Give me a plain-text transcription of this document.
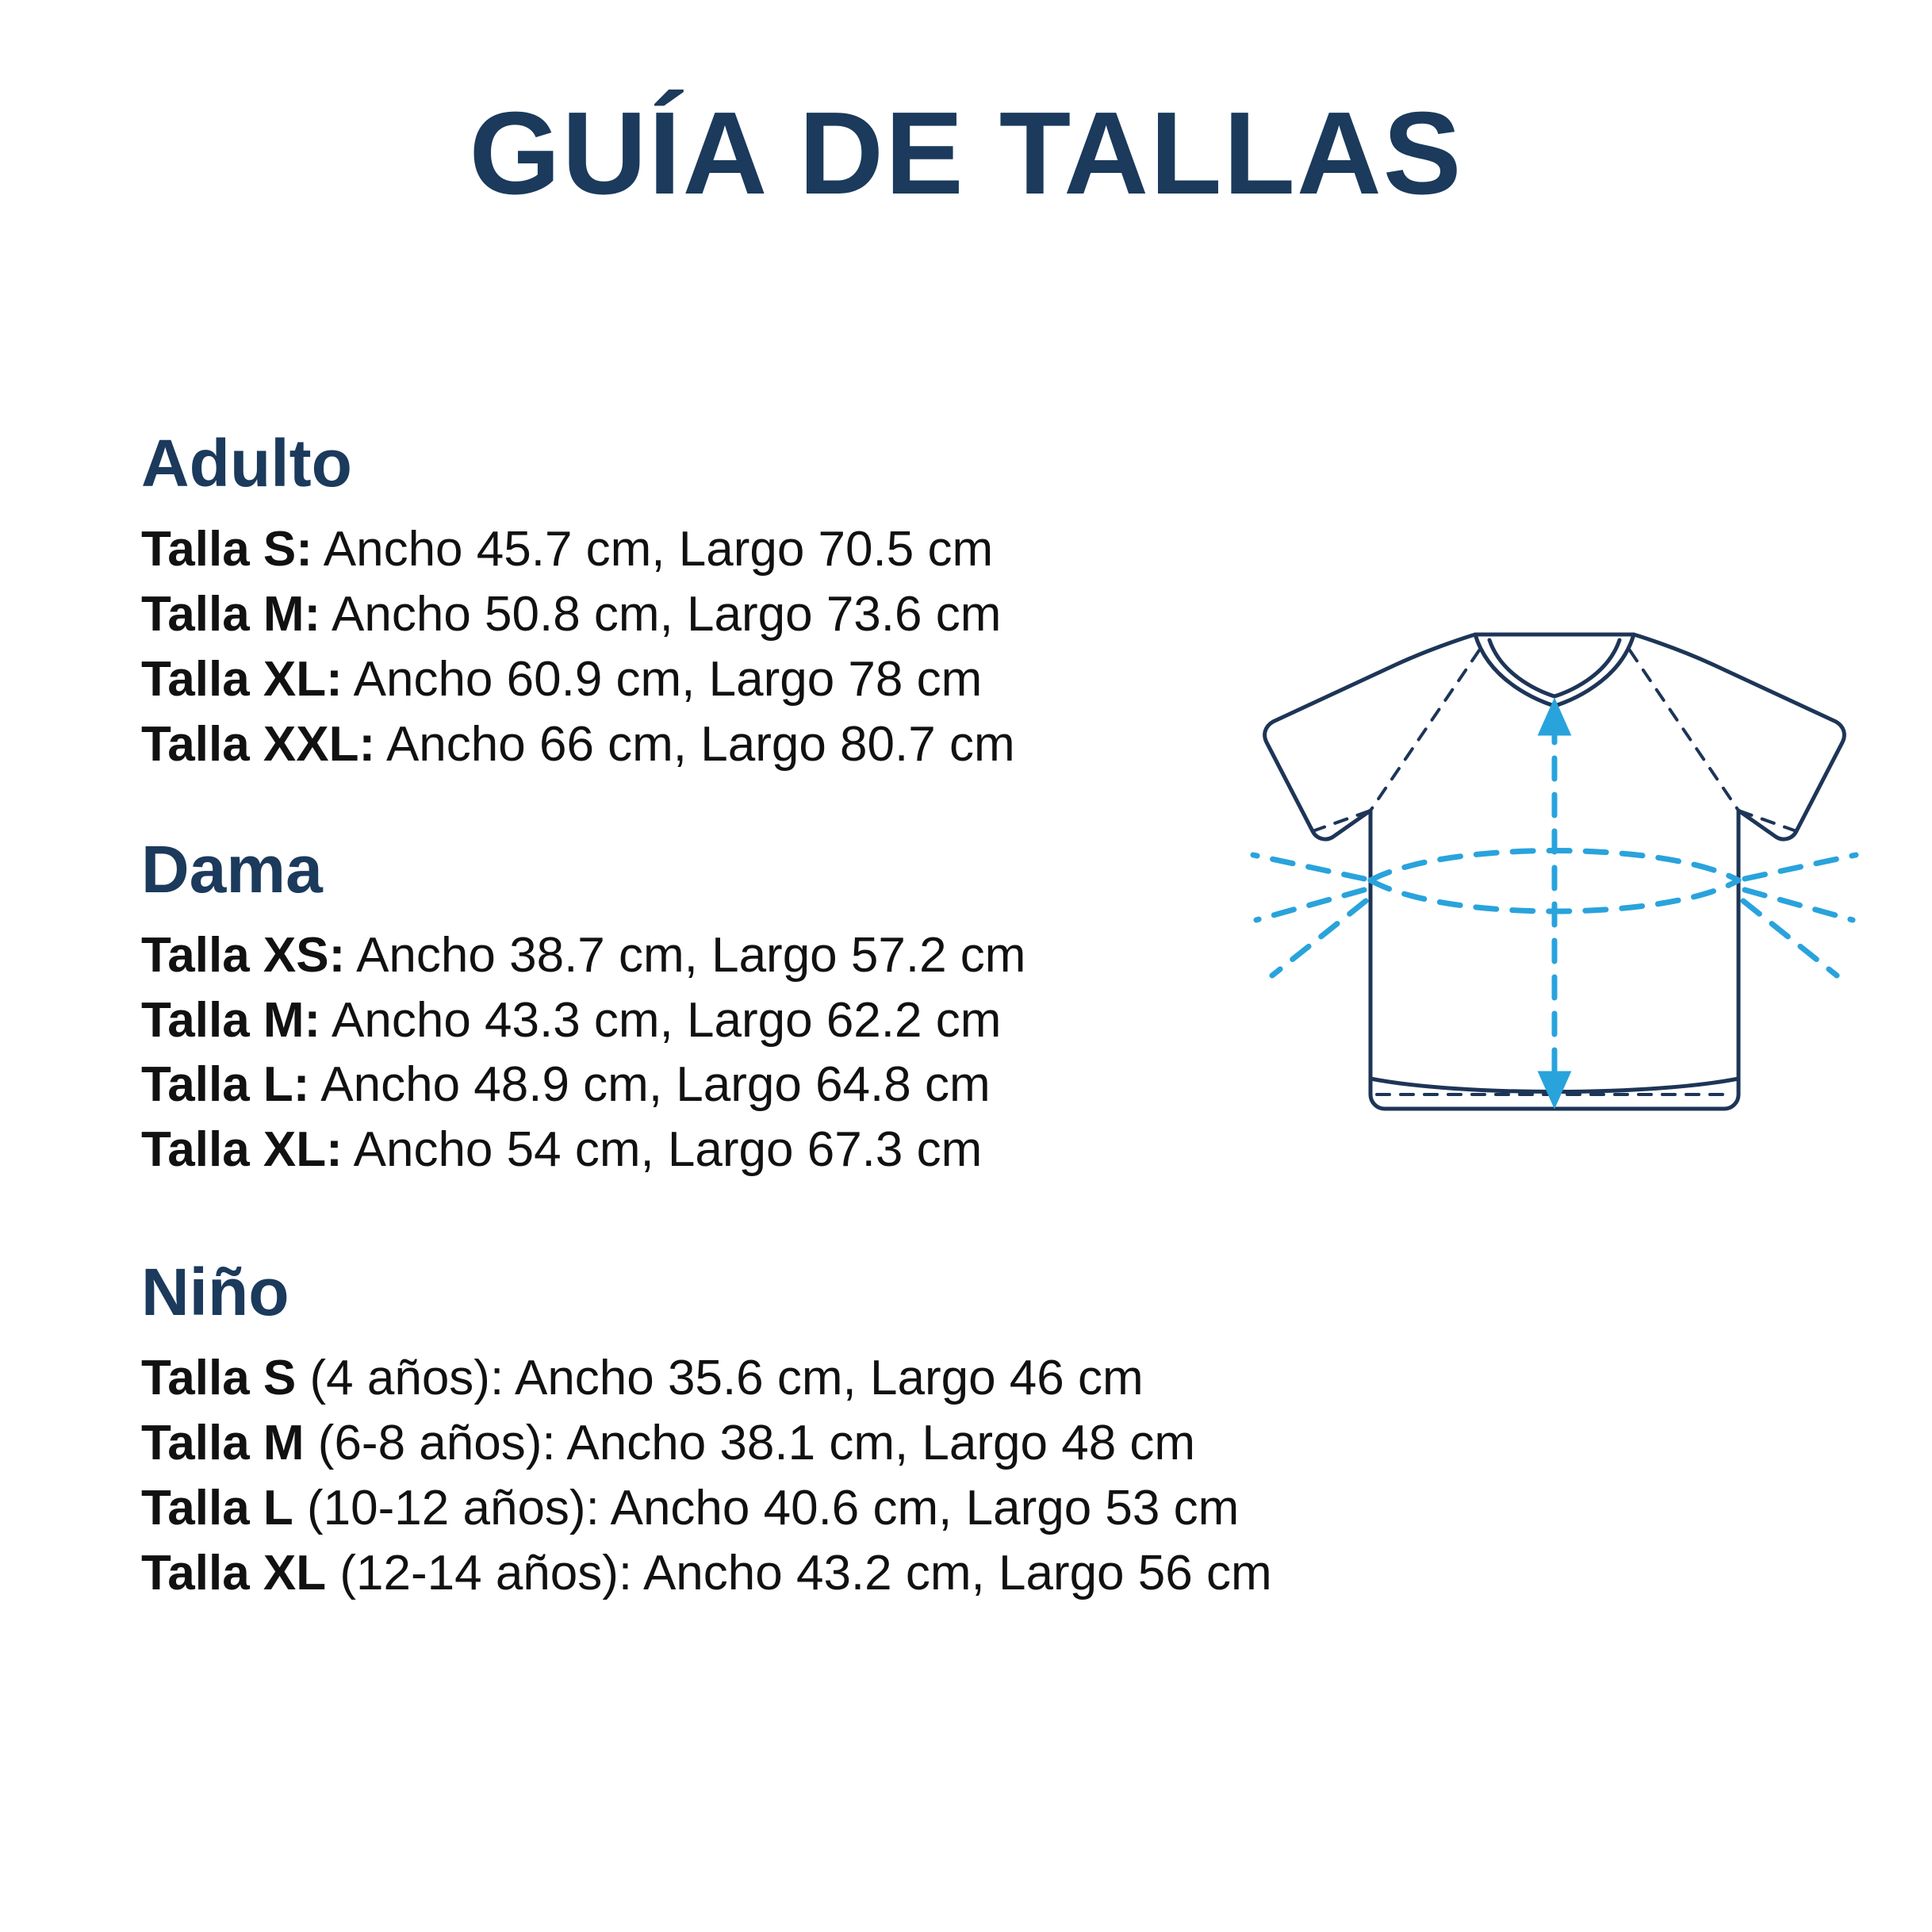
GUÍA DE TALLAS
Adulto
Talla S: Ancho 45.7 cm, Largo 70.5 cm
Talla M: Ancho 50.8 cm, Largo 73.6 cm
Talla XL: Ancho 60.9 cm, Largo 78 cm
Talla XXL: Ancho 66 cm, Largo 80.7 cm
Dama
Talla XS: Ancho 38.7 cm, Largo 57.2 cm
Talla M: Ancho 43.3 cm, Largo 62.2 cm
Talla L: Ancho 48.9 cm, Largo 64.8 cm
Talla XL: Ancho 54 cm, Largo 67.3 cm
Niño
Talla S (4 años): Ancho 35.6 cm, Largo 46 cm
Talla M (6-8 años): Ancho 38.1 cm, Largo 48 cm
Talla L (10-12 años): Ancho 40.6 cm, Largo 53 cm
Talla XL (12-14 años): Ancho 43.2 cm, Largo 56 cm
